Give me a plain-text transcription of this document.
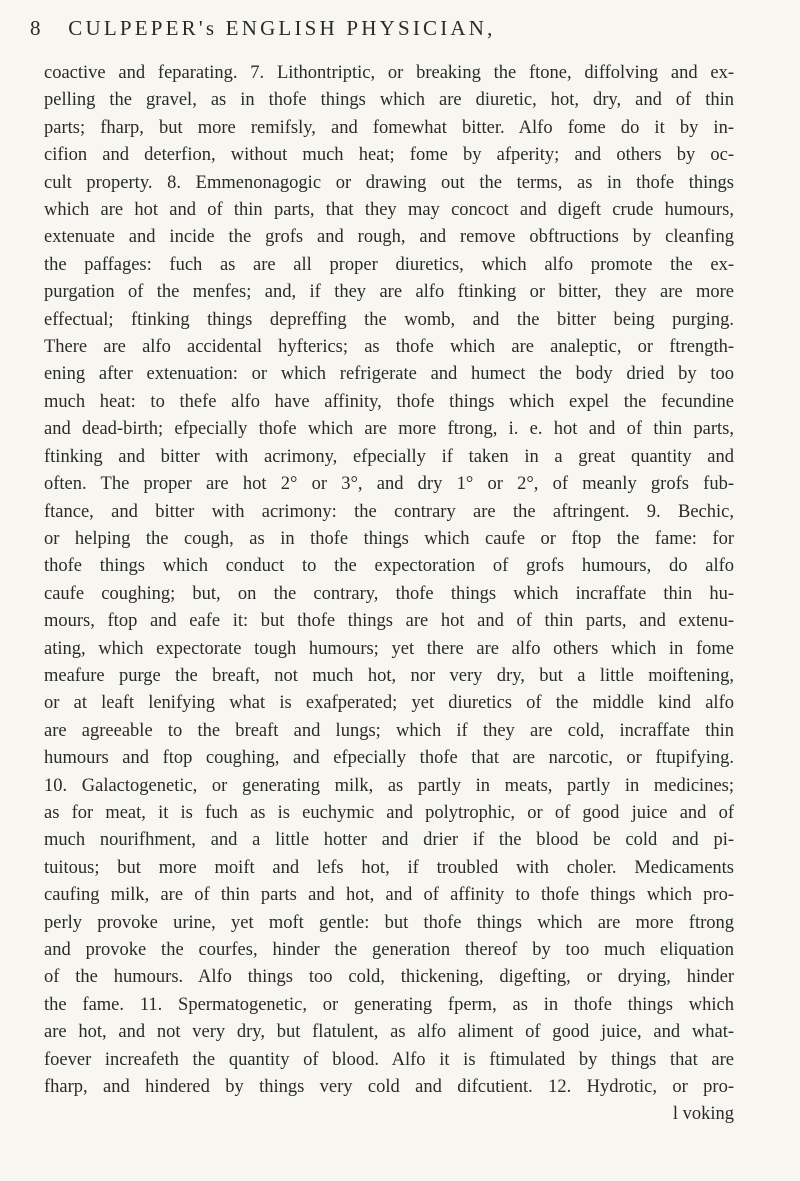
8 CULPEPER's ENGLISH PHYSICIAN,
coactive and feparating. 7. Lithontriptic, or breaking the ftone, diffolving and ex-
pelling the gravel, as in thofe things which are diuretic, hot, dry, and of thin
parts; fharp, but more remifsly, and fomewhat bitter. Alfo fome do it by in-
cifion and deterfion, without much heat; fome by afperity; and others by oc-
cult property. 8. Emmenonagogic or drawing out the terms, as in thofe things
which are hot and of thin parts, that they may concoct and digeft crude humours,
extenuate and incide the grofs and rough, and remove obftructions by cleanfing
the paffages: fuch as are all proper diuretics, which alfo promote the ex-
purgation of the menfes; and, if they are alfo ftinking or bitter, they are more
effectual; ftinking things depreffing the womb, and the bitter being purging.
There are alfo accidental hyfterics; as thofe which are analeptic, or ftrength-
ening after extenuation: or which refrigerate and humect the body dried by too
much heat: to thefe alfo have affinity, thofe things which expel the fecundine
and dead-birth; efpecially thofe which are more ftrong, i. e. hot and of thin parts,
ftinking and bitter with acrimony, efpecially if taken in a great quantity and
often. The proper are hot 2° or 3°, and dry 1° or 2°, of meanly grofs fub-
ftance, and bitter with acrimony: the contrary are the aftringent. 9. Bechic,
or helping the cough, as in thofe things which caufe or ftop the fame: for
thofe things which conduct to the expectoration of grofs humours, do alfo
caufe coughing; but, on the contrary, thofe things which incraffate thin hu-
mours, ftop and eafe it: but thofe things are hot and of thin parts, and extenu-
ating, which expectorate tough humours; yet there are alfo others which in fome
meafure purge the breaft, not much hot, nor very dry, but a little moiftening,
or at leaft lenifying what is exafperated; yet diuretics of the middle kind alfo
are agreeable to the breaft and lungs; which if they are cold, incraffate thin
humours and ftop coughing, and efpecially thofe that are narcotic, or ftupifying.
10. Galactogenetic, or generating milk, as partly in meats, partly in medicines;
as for meat, it is fuch as is euchymic and polytrophic, or of good juice and of
much nourifhment, and a little hotter and drier if the blood be cold and pi-
tuitous; but more moift and lefs hot, if troubled with choler. Medicaments
caufing milk, are of thin parts and hot, and of affinity to thofe things which pro-
perly provoke urine, yet moft gentle: but thofe things which are more ftrong
and provoke the courfes, hinder the generation thereof by too much eliquation
of the humours. Alfo things too cold, thickening, digefting, or drying, hinder
the fame. 11. Spermatogenetic, or generating fperm, as in thofe things which
are hot, and not very dry, but flatulent, as alfo aliment of good juice, and what-
foever increafeth the quantity of blood. Alfo it is ftimulated by things that are
fharp, and hindered by things very cold and difcutient. 12. Hydrotic, or pro-
l voking
